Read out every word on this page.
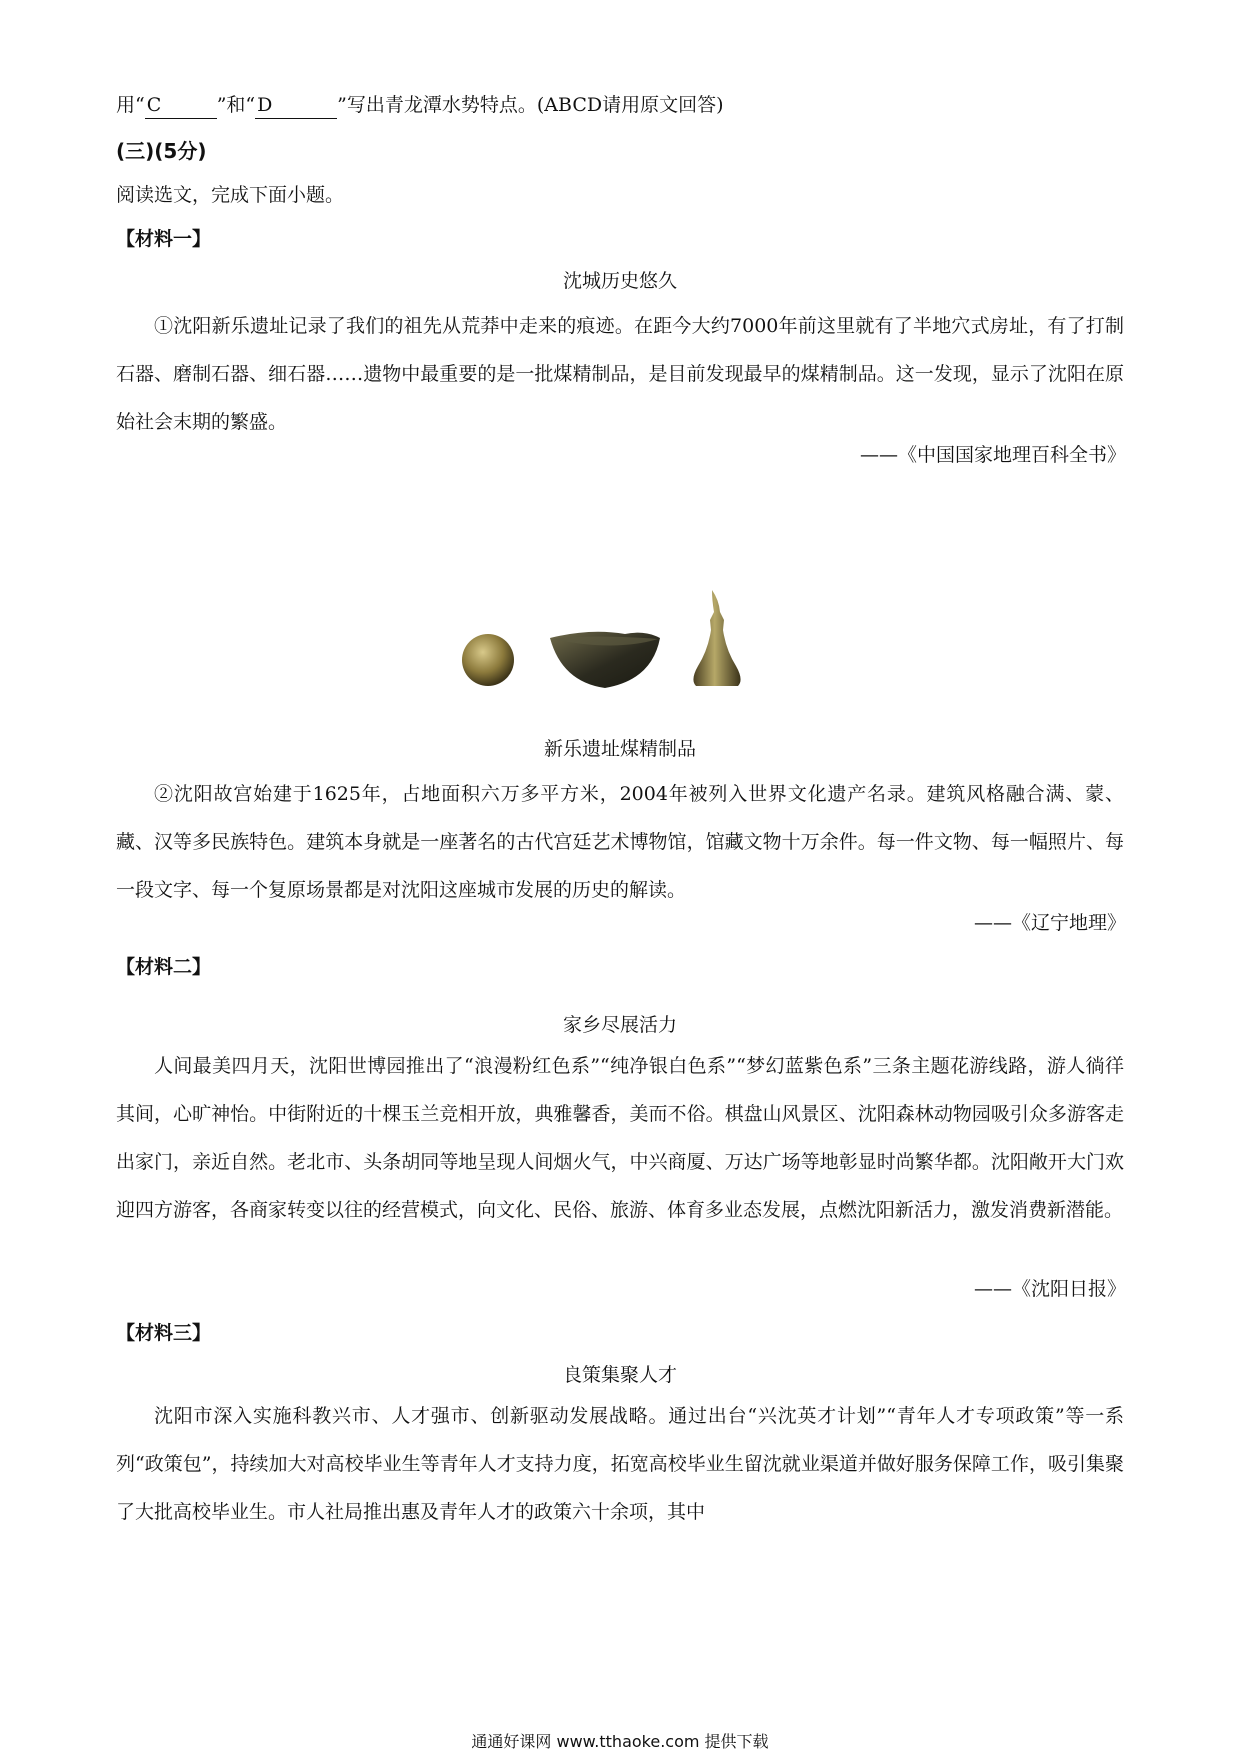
用“ C	”和“ D	”写出青龙潭水势特点。(ABCD请用原文回答)
(三)(5分)
阅读选文，完成下面小题。
【材料一】
沈城历史悠久

①沈阳新乐遗址记录了我们的祖先从荒莽中走来的痕迹。在距今大约7000年前这里就有了半地穴式房址，有了打制石器、磨制石器、细石器……遗物中最重要的是一批煤精制品，是目前发现最早的煤精制品。这一发现，显示了沈阳在原始社会末期的繁盛。

——《中国国家地理百科全书》
新乐遗址煤精制品

②沈阳故宫始建于1625年，占地面积六万多平方米，2004年被列入世界文化遗产名录。建筑风格融合满、蒙、藏、汉等多民族特色。建筑本身就是一座著名的古代宫廷艺术博物馆，馆藏文物十万余件。每一件文物、每一幅照片、每一段文字、每一个复原场景都是对沈阳这座城市发展的历史的解读。

——《辽宁地理》
【材料二】
家乡尽展活力

人间最美四月天，沈阳世博园推出了“浪漫粉红色系”“纯净银白色系”“梦幻蓝紫色系”三条主题花游线路，游人徜徉其间，心旷神怡。中街附近的十棵玉兰竞相开放，典雅馨香，美而不俗。棋盘山风景区、沈阳森林动物园吸引众多游客走出家门，亲近自然。老北市、头条胡同等地呈现人间烟火气，中兴商厦、万达广场等地彰显时尚繁华都。沈阳敞开大门欢迎四方游客，各商家转变以往的经营模式，向文化、民俗、旅游、体育多业态发展，点燃沈阳新活力，激发消费新潜能。

——《沈阳日报》
【材料三】
良策集聚人才

沈阳市深入实施科教兴市、人才强市、创新驱动发展战略。通过出台“兴沈英才计划”“青年人才专项政策”等一系列“政策包”，持续加大对高校毕业生等青年人才支持力度，拓宽高校毕业生留沈就业渠道并做好服务保障工作，吸引集聚了大批高校毕业生。市人社局推出惠及青年人才的政策六十余项，其中

通通好课网 www.tthaoke.com 提供下载
